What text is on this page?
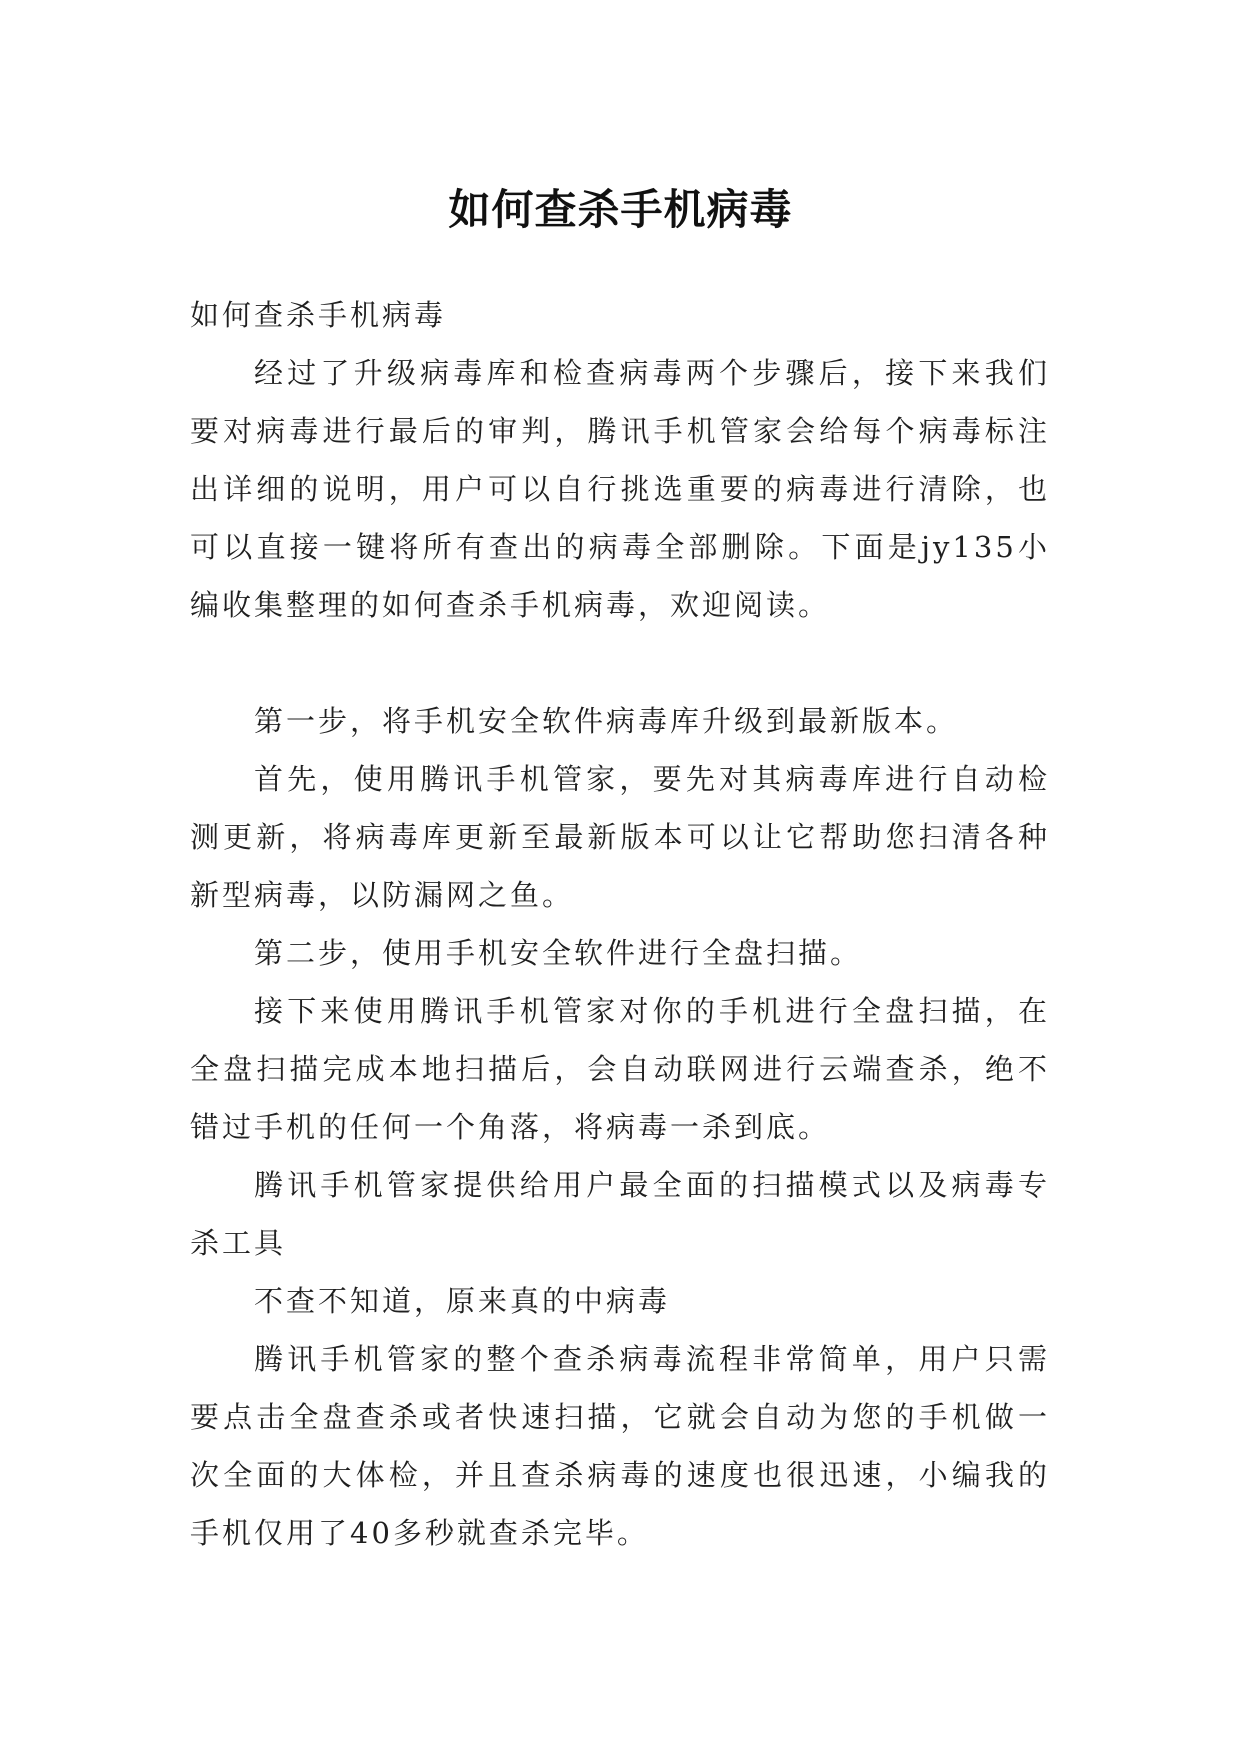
如何查杀手机病毒

如何查杀手机病毒

经过了升级病毒库和检查病毒两个步骤后，接下来我们要对病毒进行最后的审判，腾讯手机管家会给每个病毒标注出详细的说明，用户可以自行挑选重要的病毒进行清除，也可以直接一键将所有查出的病毒全部删除。下面是jy135小编收集整理的如何查杀手机病毒，欢迎阅读。

第一步，将手机安全软件病毒库升级到最新版本。

首先，使用腾讯手机管家，要先对其病毒库进行自动检测更新，将病毒库更新至最新版本可以让它帮助您扫清各种新型病毒，以防漏网之鱼。

第二步，使用手机安全软件进行全盘扫描。

接下来使用腾讯手机管家对你的手机进行全盘扫描，在全盘扫描完成本地扫描后，会自动联网进行云端查杀，绝不错过手机的任何一个角落，将病毒一杀到底。

腾讯手机管家提供给用户最全面的扫描模式以及病毒专杀工具

不查不知道，原来真的中病毒

腾讯手机管家的整个查杀病毒流程非常简单，用户只需要点击全盘查杀或者快速扫描，它就会自动为您的手机做一次全面的大体检，并且查杀病毒的速度也很迅速，小编我的手机仅用了40多秒就查杀完毕。
